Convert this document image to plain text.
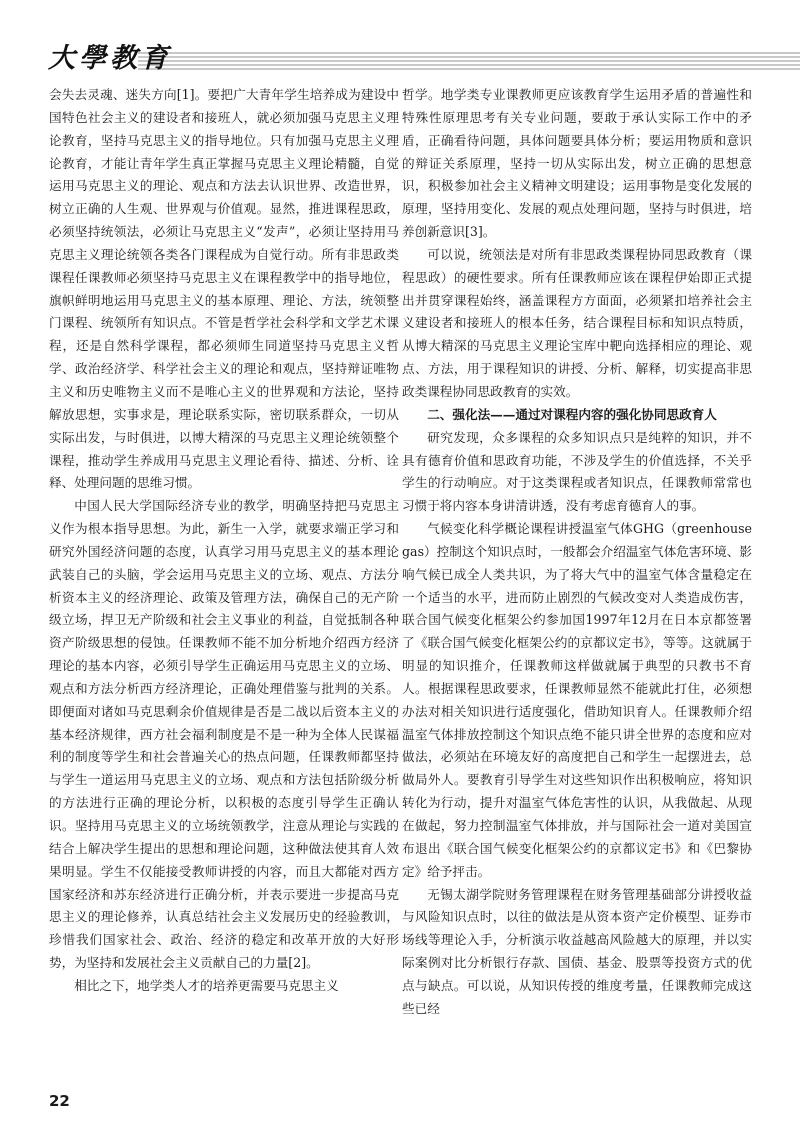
大學教育

会失去灵魂、迷失方向[1]。要把广大青年学生培养成为建设中国特色社会主义的建设者和接班人，就必须加强马克思主义理论教育，坚持马克思主义的指导地位。只有加强马克思主义理论教育，才能让青年学生真正掌握马克思主义理论精髓，自觉运用马克思主义的理论、观点和方法去认识世界、改造世界，树立正确的人生观、世界观与价值观。显然，推进课程思政，必须坚持统领法，必须让马克思主义“发声”，必须让坚持用马克思主义理论统领各类各门课程成为自觉行动。所有非思政类课程任课教师必须坚持马克思主义在课程教学中的指导地位，旗帜鲜明地运用马克思主义的基本原理、理论、方法，统领整门课程、统领所有知识点。不管是哲学社会科学和文学艺术课程，还是自然科学课程，都必须师生同道坚持马克思主义哲学、政治经济学、科学社会主义的理论和观点，坚持辩证唯物主义和历史唯物主义而不是唯心主义的世界观和方法论，坚持解放思想，实事求是，理论联系实际，密切联系群众，一切从实际出发，与时俱进，以博大精深的马克思主义理论统领整个课程，推动学生养成用马克思主义理论看待、描述、分析、诠释、处理问题的思维习惯。

中国人民大学国际经济专业的教学，明确坚持把马克思主义作为根本指导思想。为此，新生一入学，就要求端正学习和研究外国经济问题的态度，认真学习用马克思主义的基本理论武装自己的头脑，学会运用马克思主义的立场、观点、方法分析资本主义的经济理论、政策及管理方法，确保自己的无产阶级立场，捍卫无产阶级和社会主义事业的利益，自觉抵制各种资产阶级思想的侵蚀。任课教师不能不加分析地介绍西方经济理论的基本内容，必须引导学生正确运用马克思主义的立场、观点和方法分析西方经济理论，正确处理借鉴与批判的关系。即便面对诸如马克思剩余价值规律是否是二战以后资本主义的基本经济规律，西方社会福利制度是不是一种为全体人民谋福利的制度等学生和社会普遍关心的热点问题，任课教师都坚持与学生一道运用马克思主义的立场、观点和方法包括阶级分析的方法进行正确的理论分析，以积极的态度引导学生正确认识。坚持用马克思主义的立场统领教学，注意从理论与实践的结合上解决学生提出的思想和理论问题，这种做法使其育人效果明显。学生不仅能接受教师讲授的内容，而且大都能对西方国家经济和苏东经济进行正确分析，并表示要进一步提高马克思主义的理论修养，认真总结社会主义发展历史的经验教训，珍惜我们国家社会、政治、经济的稳定和改革开放的大好形势，为坚持和发展社会主义贡献自己的力量[2]。

相比之下，地学类人才的培养更需要马克思主义

哲学。地学类专业课教师更应该教育学生运用矛盾的普遍性和特殊性原理思考有关专业问题，要敢于承认实际工作中的矛盾，正确看待问题，具体问题要具体分析；要运用物质和意识的辩证关系原理，坚持一切从实际出发，树立正确的思想意识，积极参加社会主义精神文明建设；运用事物是变化发展的原理，坚持用变化、发展的观点处理问题，坚持与时俱进，培养创新意识[3]。

可以说，统领法是对所有非思政类课程协同思政教育（课程思政）的硬性要求。所有任课教师应该在课程伊始即正式提出并贯穿课程始终，涵盖课程方方面面，必须紧扣培养社会主义建设者和接班人的根本任务，结合课程目标和知识点特质，从博大精深的马克思主义理论宝库中靶向选择相应的理论、观点、方法，用于课程知识的讲授、分析、解释，切实提高非思政类课程协同思政教育的实效。

二、强化法——通过对课程内容的强化协同思政育人

研究发现，众多课程的众多知识点只是纯粹的知识，并不具有德育价值和思政育功能，不涉及学生的价值选择，不关乎学生的行动响应。对于这类课程或者知识点，任课教师常常也习惯于将内容本身讲清讲透，没有考虑育德育人的事。

气候变化科学概论课程讲授温室气体GHG（greenhouse gas）控制这个知识点时，一般都会介绍温室气体危害环境、影响气候已成全人类共识，为了将大气中的温室气体含量稳定在一个适当的水平，进而防止剧烈的气候改变对人类造成伤害，联合国气候变化框架公约参加国1997年12月在日本京都签署了《联合国气候变化框架公约的京都议定书》，等等。这就属于明显的知识推介，任课教师这样做就属于典型的只教书不育人。根据课程思政要求，任课教师显然不能就此打住，必须想办法对相关知识进行适度强化，借助知识育人。任课教师介绍温室气体排放控制这个知识点绝不能只讲全世界的态度和应对做法，必须站在环境友好的高度把自己和学生一起摆进去，总做局外人。要教育引导学生对这些知识作出积极响应，将知识转化为行动，提升对温室气体危害性的认识，从我做起、从现在做起，努力控制温室气体排放，并与国际社会一道对美国宣布退出《联合国气候变化框架公约的京都议定书》和《巴黎协定》给予抨击。

无锡太湖学院财务管理课程在财务管理基础部分讲授收益与风险知识点时，以往的做法是从资本资产定价模型、证券市场线等理论入手，分析演示收益越高风险越大的原理，并以实际案例对比分析银行存款、国债、基金、股票等投资方式的优点与缺点。可以说，从知识传授的维度考量，任课教师完成这些已经

22
